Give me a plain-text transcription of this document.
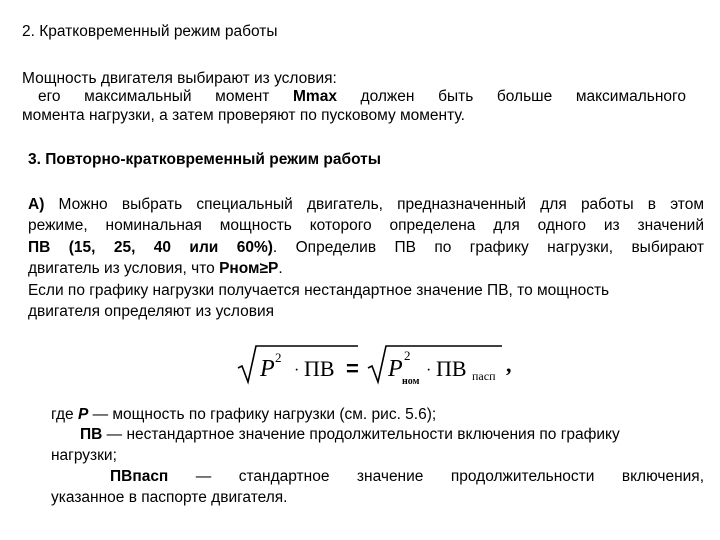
2. Кратковременный режим работы
Мощность двигателя выбирают из условия:
его максимальный момент Mmax должен быть больше максимального
момента нагрузки, а затем проверяют по пусковому моменту.
3. Повторно-кратковременный режим работы
А) Можно выбрать специальный двигатель, предназначенный для работы в этом
режиме, номинальная мощность которого определена для одного из значений
ПВ (15, 25, 40 или 60%). Определив ПВ по графику нагрузки, выбирают
двигатель из условия, что Рном≥Р.
Если по графику нагрузки получается нестандартное значение ПВ, то мощность
двигателя определяют из условия
P 2
· ПВ = P
2
ном
· ПВ пасп ,
где Р — мощность по графику нагрузки (см. рис. 5.6);
ПВ — нестандартное значение продолжительности включения по графику
нагрузки;
ПВпасп — стандартное значение продолжительности включения,
указанное в паспорте двигателя.
